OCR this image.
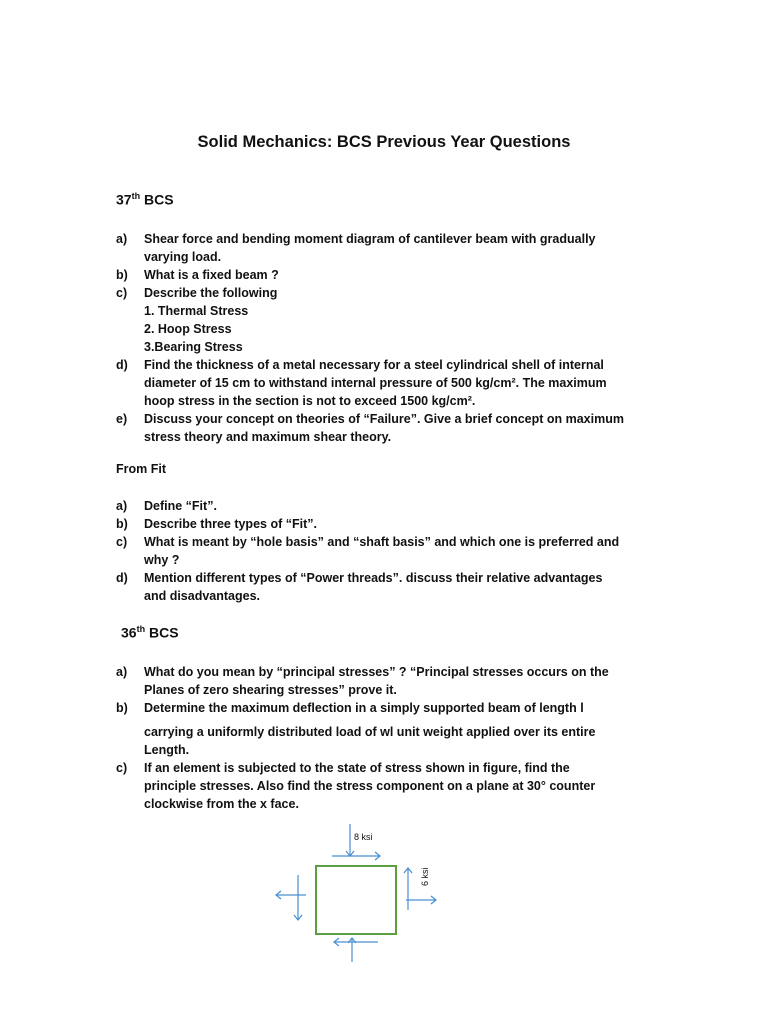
Solid Mechanics: BCS Previous Year Questions
37th BCS
a)	Shear force and bending moment diagram of cantilever beam with gradually
varying load.
b)	What is a fixed beam ?
c)	Describe the following
1. Thermal Stress
2. Hoop Stress
3.Bearing Stress
d)	Find the thickness of a metal necessary for a steel cylindrical shell of internal
diameter of 15 cm to withstand internal pressure of 500 kg/cm². The maximum
hoop stress in the section is not to exceed 1500 kg/cm².
e)	Discuss your concept on theories of “Failure”. Give a brief concept on maximum
stress theory and maximum shear theory.
From Fit
a)	Define “Fit”.
b)	Describe three types of “Fit”.
c)	What is meant by “hole basis” and “shaft basis” and which one is preferred and
why ?
d)	Mention different types of “Power threads”. discuss their relative advantages
and disadvantages.
36th BCS
a)	What do you mean by “principal stresses” ? “Principal stresses occurs on the
Planes of zero shearing stresses” prove it.
b)	Determine the maximum deflection in a simply supported beam of length l
carrying a uniformly distributed load of wl unit weight applied over its entire
Length.
c)	If an element is subjected to the state of stress shown in figure, find the
principle stresses. Also find the stress component on a plane at 30° counter
clockwise from the x face.
8 ksi
6 ksi
